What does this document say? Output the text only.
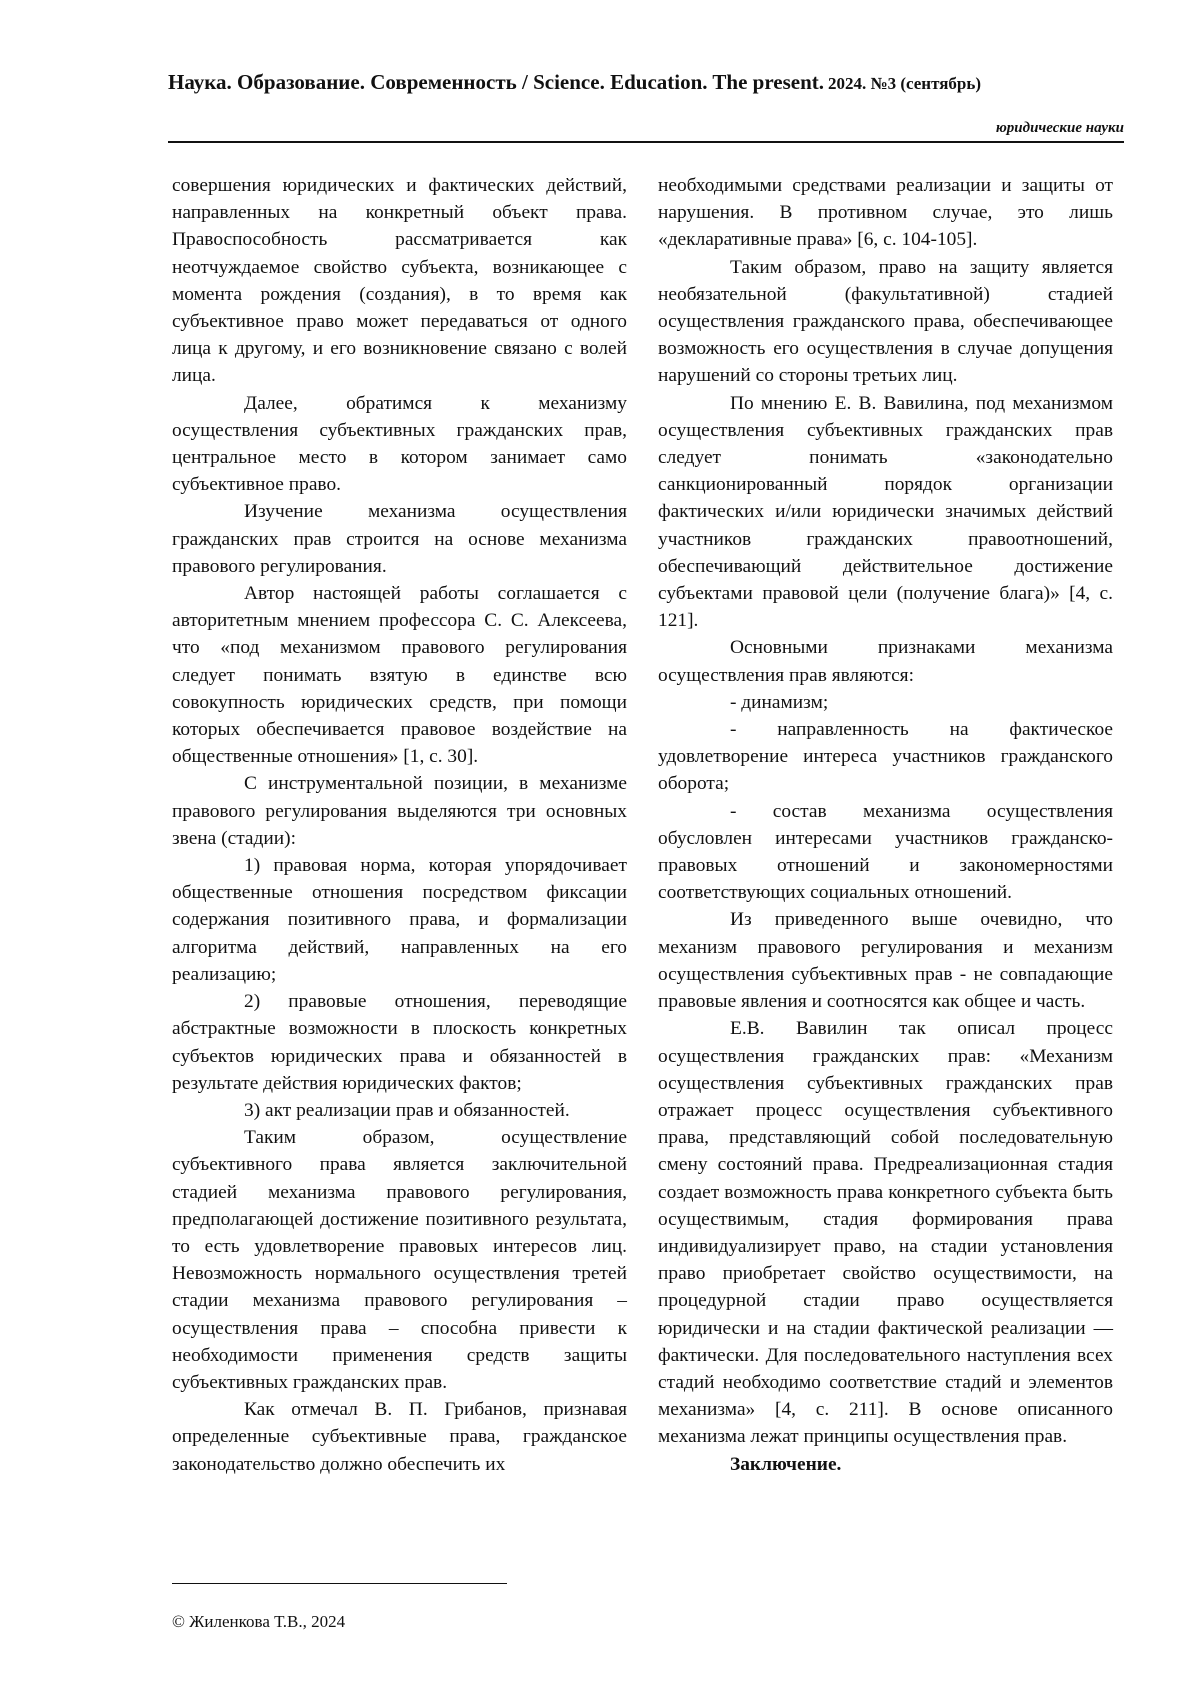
Наука. Образование. Современность / Science. Education. The present. 2024. №3 (сентябрь)
юридические науки

совершения юридических и фактических действий, направленных на конкретный объект права. Правоспособность рассматривается как неотчуждаемое свойство субъекта, возникающее с момента рождения (создания), в то время как субъективное право может передаваться от одного лица к другому, и его возникновение связано с волей лица.

Далее, обратимся к механизму осуществления субъективных гражданских прав, центральное место в котором занимает само субъективное право.

Изучение механизма осуществления гражданских прав строится на основе механизма правового регулирования.

Автор настоящей работы соглашается с авторитетным мнением профессора С. С. Алексеева, что «под механизмом правового регулирования следует понимать взятую в единстве всю совокупность юридических средств, при помощи которых обеспечивается правовое воздействие на общественные отношения» [1, с. 30].

С инструментальной позиции, в механизме правового регулирования выделяются три основных звена (стадии):

1) правовая норма, которая упорядочивает общественные отношения посредством фиксации содержания позитивного права, и формализации алгоритма действий, направленных на его реализацию;

2) правовые отношения, переводящие абстрактные возможности в плоскость конкретных субъектов юридических права и обязанностей в результате действия юридических фактов;

3) акт реализации прав и обязанностей.

Таким образом, осуществление субъективного права является заключительной стадией механизма правового регулирования, предполагающей достижение позитивного результата, то есть удовлетворение правовых интересов лиц. Невозможность нормального осуществления третей стадии механизма правового регулирования – осуществления права – способна привести к необходимости применения средств защиты субъективных гражданских прав.

Как отмечал В. П. Грибанов, признавая определенные субъективные права, гражданское законодательство должно обеспечить их

необходимыми средствами реализации и защиты от нарушения. В противном случае, это лишь «декларативные права» [6, с. 104-105].

Таким образом, право на защиту является необязательной (факультативной) стадией осуществления гражданского права, обеспечивающее возможность его осуществления в случае допущения нарушений со стороны третьих лиц.

По мнению Е. В. Вавилина, под механизмом осуществления субъективных гражданских прав следует понимать «законодательно санкционированный порядок организации фактических и/или юридически значимых действий участников гражданских правоотношений, обеспечивающий действительное достижение субъектами правовой цели (получение блага)» [4, с. 121].

Основными признаками механизма осуществления прав являются:

- динамизм;

- направленность на фактическое удовлетворение интереса участников гражданского оборота;

- состав механизма осуществления обусловлен интересами участников гражданско-правовых отношений и закономерностями соответствующих социальных отношений.

Из приведенного выше очевидно, что механизм правового регулирования и механизм осуществления субъективных прав - не совпадающие правовые явления и соотносятся как общее и часть.

Е.В. Вавилин так описал процесс осуществления гражданских прав: «Механизм осуществления субъективных гражданских прав отражает процесс осуществления субъективного права, представляющий собой последовательную смену состояний права. Предреализационная стадия создает возможность права конкретного субъекта быть осуществимым, стадия формирования права индивидуализирует право, на стадии установления право приобретает свойство осуществимости, на процедурной стадии право осуществляется юридически и на стадии фактической реализации — фактически. Для последовательного наступления всех стадий необходимо соответствие стадий и элементов механизма» [4, с. 211]. В основе описанного механизма лежат принципы осуществления прав.

Заключение.

© Жиленкова Т.В., 2024
